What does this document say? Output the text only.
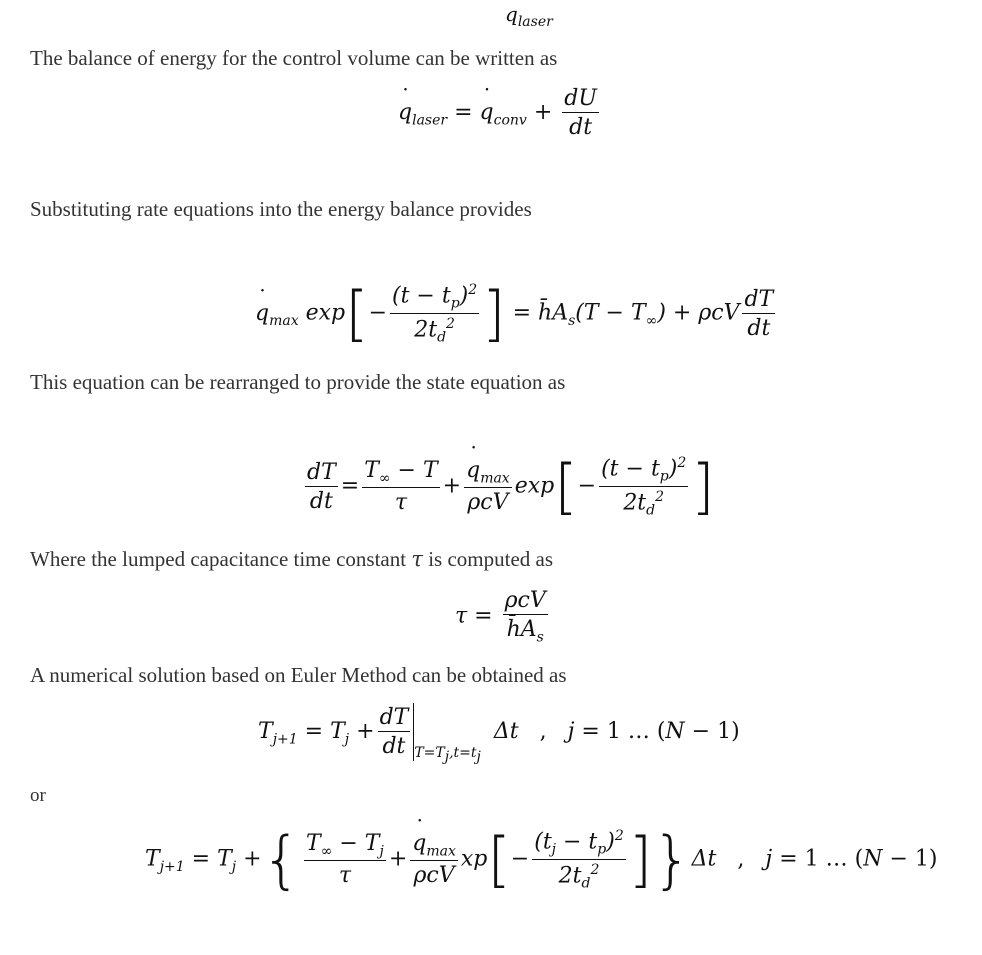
$q_{laser}$
The balance of energy for the control volume can be written as
q $˙_{laser} = q$ $˙_{conv} + \frac{dU}{dt}$
Substituting rate equations into the energy balance provides
q $˙_{max}$ $\exp[- \frac{(t - t_p)^2}{2t_d^2}$ ] = $h̄A_s(T - T_\infty) + \rho cV \frac{dT}{dt}$
This equation can be rearranged to provide the state equation as
$\frac{dT}{dt} = \frac{T_\infty - T}{\tau} + \frac{q ˙_{max}}{\text{ρcV}} \exp[- \frac{(t - t_p)^2}{2t_d^2}$ ]
Where the lumped capacitance time constant τ is computed as
$\tau = \frac{\text{ρcV}}{h̄A_s}$
A numerical solution based on Euler Method can be obtained as
$T_{j+1} = T_j + \frac{dT}{dt} _{T=T_j,t=t_j}$ Δt , j = 1 … (N − 1)
or
$T_{j+1} = T_j$ +{ $\frac{T_\infty - T_j}{\tau} + \frac{q ˙_{max}}{\text{ρcV}} xp[- \frac{(t_j - t_p)^2}{2t_d^2} ]\}\Delta t$ , j = 1 … (N − 1)
